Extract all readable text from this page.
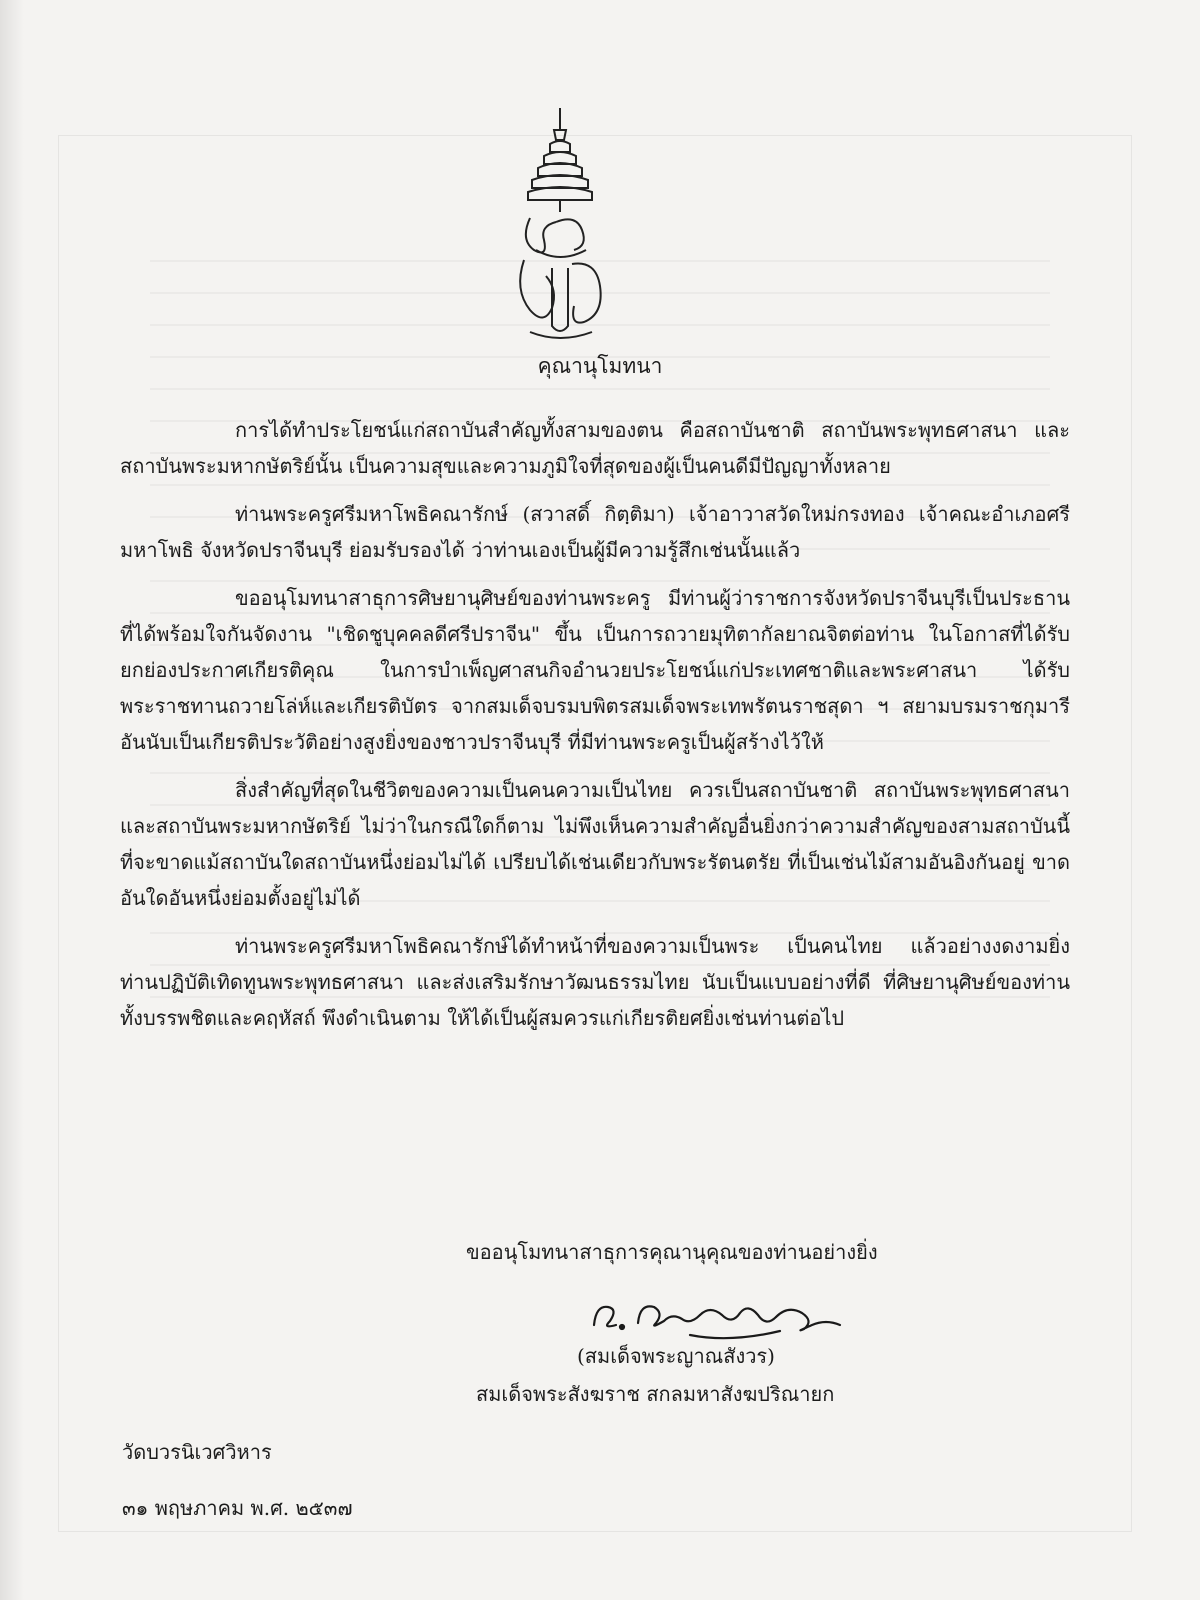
คุณานุโมทนา

การได้ทำประโยชน์แก่สถาบันสำคัญทั้งสามของตน คือสถาบันชาติ สถาบันพระพุทธศาสนา และสถาบันพระมหากษัตริย์นั้น เป็นความสุขและความภูมิใจที่สุดของผู้เป็นคนดีมีปัญญาทั้งหลาย

ท่านพระครูศรีมหาโพธิคณารักษ์ (สวาสดิ์ กิตฺติมา) เจ้าอาวาสวัดใหม่กรงทอง เจ้าคณะอำเภอศรีมหาโพธิ จังหวัดปราจีนบุรี ย่อมรับรองได้ ว่าท่านเองเป็นผู้มีความรู้สึกเช่นนั้นแล้ว

ขออนุโมทนาสาธุการศิษยานุศิษย์ของท่านพระครู มีท่านผู้ว่าราชการจังหวัดปราจีนบุรีเป็นประธาน ที่ได้พร้อมใจกันจัดงาน "เชิดชูบุคคลดีศรีปราจีน" ขึ้น เป็นการถวายมุทิตากัลยาณจิตต่อท่าน ในโอกาสที่ได้รับยกย่องประกาศเกียรติคุณ ในการบำเพ็ญศาสนกิจอำนวยประโยชน์แก่ประเทศชาติและพระศาสนา ได้รับพระราชทานถวายโล่ห์และเกียรติบัตร จากสมเด็จบรมบพิตรสมเด็จพระเทพรัตนราชสุดา ฯ สยามบรมราชกุมารี อันนับเป็นเกียรติประวัติอย่างสูงยิ่งของชาวปราจีนบุรี ที่มีท่านพระครูเป็นผู้สร้างไว้ให้

สิ่งสำคัญที่สุดในชีวิตของความเป็นคนความเป็นไทย ควรเป็นสถาบันชาติ สถาบันพระพุทธศาสนา และสถาบันพระมหากษัตริย์ ไม่ว่าในกรณีใดก็ตาม ไม่พึงเห็นความสำคัญอื่นยิ่งกว่าความสำคัญของสามสถาบันนี้ ที่จะขาดแม้สถาบันใดสถาบันหนึ่งย่อมไม่ได้ เปรียบได้เช่นเดียวกับพระรัตนตรัย ที่เป็นเช่นไม้สามอันอิงกันอยู่ ขาดอันใดอันหนึ่งย่อมตั้งอยู่ไม่ได้

ท่านพระครูศรีมหาโพธิคณารักษ์ได้ทำหน้าที่ของความเป็นพระ เป็นคนไทย แล้วอย่างงดงามยิ่ง ท่านปฏิบัติเทิดทูนพระพุทธศาสนา และส่งเสริมรักษาวัฒนธรรมไทย นับเป็นแบบอย่างที่ดี ที่ศิษยานุศิษย์ของท่าน ทั้งบรรพชิตและคฤหัสถ์ พึงดำเนินตาม ให้ได้เป็นผู้สมควรแก่เกียรติยศยิ่งเช่นท่านต่อไป

ขออนุโมทนาสาธุการคุณานุคุณของท่านอย่างยิ่ง
(สมเด็จพระญาณสังวร)
สมเด็จพระสังฆราช สกลมหาสังฆปริณายก
วัดบวรนิเวศวิหาร
๓๑ พฤษภาคม พ.ศ. ๒๕๓๗
